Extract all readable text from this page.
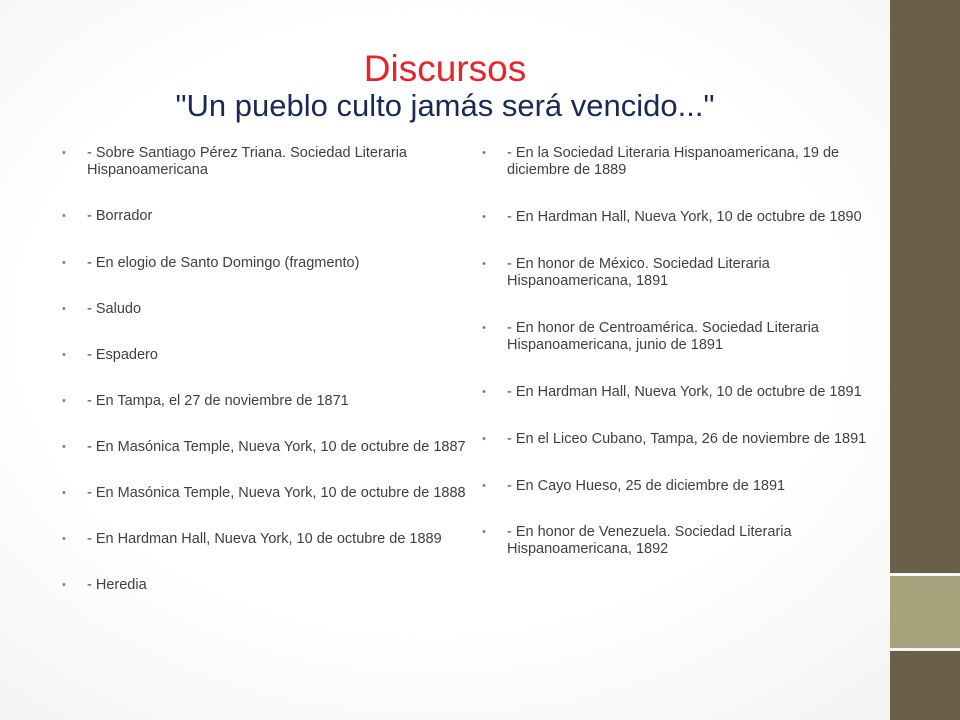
Discursos
"Un pueblo culto jamás será vencido..."
• - Sobre Santiago Pérez Triana. Sociedad Literaria Hispanoamericana
• - Borrador
• - En elogio de Santo Domingo (fragmento)
• - Saludo
• - Espadero
• - En Tampa, el 27 de noviembre de 1871
• - En Masónica Temple, Nueva York, 10 de octubre de 1887
• - En Masónica Temple, Nueva York, 10 de octubre de 1888
• - En Hardman Hall, Nueva York, 10 de octubre de 1889
• - Heredia
• - En la Sociedad Literaria Hispanoamericana, 19 de diciembre de 1889
• - En Hardman Hall, Nueva York, 10 de octubre de 1890
• - En honor de México. Sociedad Literaria Hispanoamericana, 1891
• - En honor de Centroamérica. Sociedad Literaria Hispanoamericana, junio de 1891
• - En Hardman Hall, Nueva York, 10 de octubre de 1891
• - En el Liceo Cubano, Tampa, 26 de noviembre de 1891
• - En Cayo Hueso, 25 de diciembre de 1891
• - En honor de Venezuela. Sociedad Literaria Hispanoamericana, 1892
